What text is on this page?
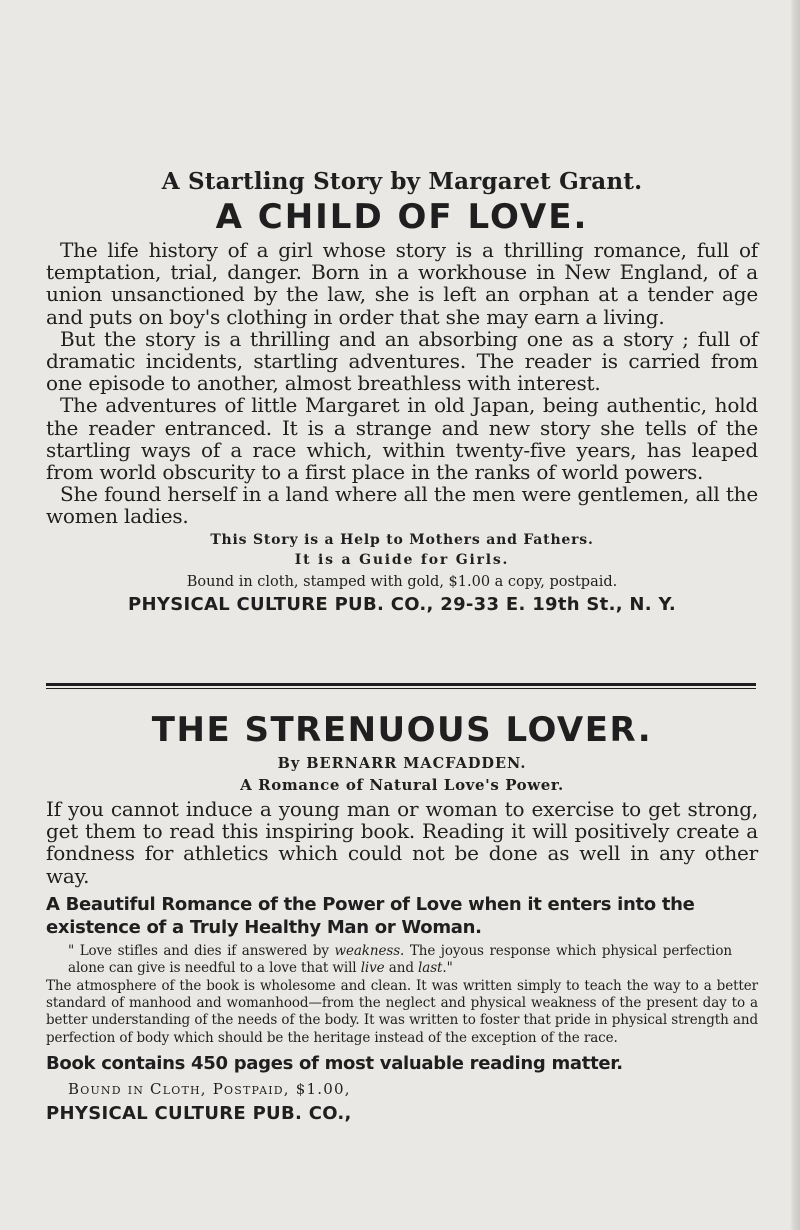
A Startling Story by Margaret Grant.
A CHILD OF LOVE.

The life history of a girl whose story is a thrilling romance, full of temptation, trial, danger. Born in a workhouse in New England, of a union unsanctioned by the law, she is left an orphan at a tender age and puts on boy's clothing in order that she may earn a living.

But the story is a thrilling and an absorbing one as a story ; full of dramatic incidents, startling adventures. The reader is carried from one episode to another, almost breathless with interest.

The adventures of little Margaret in old Japan, being authentic, hold the reader entranced. It is a strange and new story she tells of the startling ways of a race which, within twenty-five years, has leaped from world obscurity to a first place in the ranks of world powers.

She found herself in a land where all the men were gentlemen, all the women ladies.

This Story is a Help to Mothers and Fathers.

It is a Guide for Girls.

Bound in cloth, stamped with gold, $1.00 a copy, postpaid.

PHYSICAL CULTURE PUB. CO., 29-33 E. 19th St., N. Y.

THE STRENUOUS LOVER.

By BERNARR MACFADDEN.

A Romance of Natural Love's Power.

If you cannot induce a young man or woman to exercise to get strong, get them to read this inspiring book. Reading it will positively create a fondness for athletics which could not be done as well in any other way.

A Beautiful Romance of the Power of Love when it enters into the existence of a Truly Healthy Man or Woman.

" Love stifles and dies if answered by weakness. The joyous response which physical perfection alone can give is needful to a love that will live and last."

The atmosphere of the book is wholesome and clean. It was written simply to teach the way to a better standard of manhood and womanhood—from the neglect and physical weakness of the present day to a better understanding of the needs of the body. It was written to foster that pride in physical strength and perfection of body which should be the heritage instead of the exception of the race.

Book contains 450 pages of most valuable reading matter.

Bound in Cloth, Postpaid, $1.00,

PHYSICAL CULTURE PUB. CO.,
